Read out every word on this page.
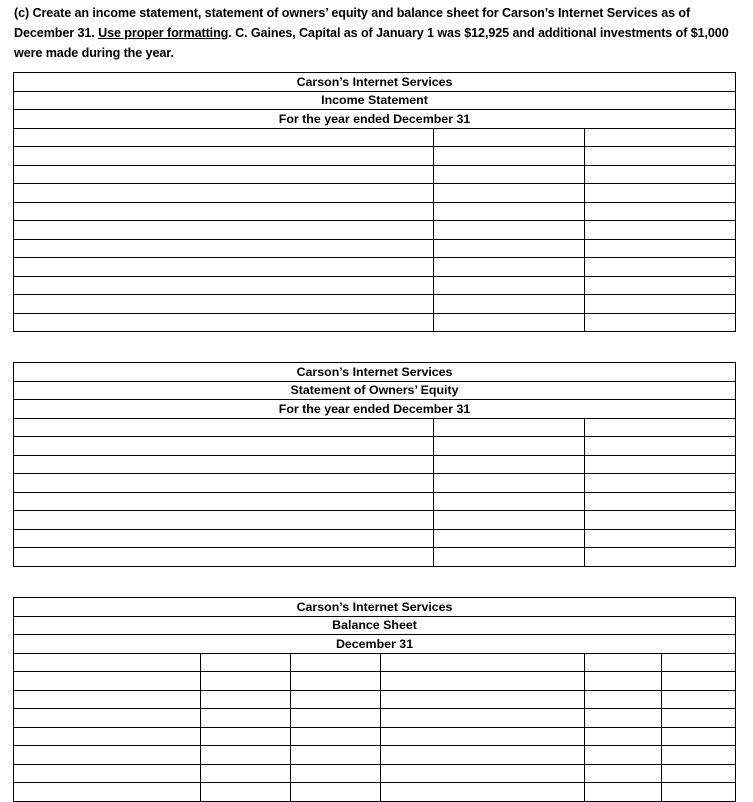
(c) Create an income statement, statement of owners’ equity and balance sheet for Carson’s Internet Services as of December 31. Use proper formatting. C. Gaines, Capital as of January 1 was $12,925 and additional investments of $1,000 were made during the year.
Carson’s Internet Services		
Income Statement		
For the year ended December 31		

Carson’s Internet Services		
Statement of Owners’ Equity		
For the year ended December 31		

Carson’s Internet Services					
Balance Sheet					
December 31					
